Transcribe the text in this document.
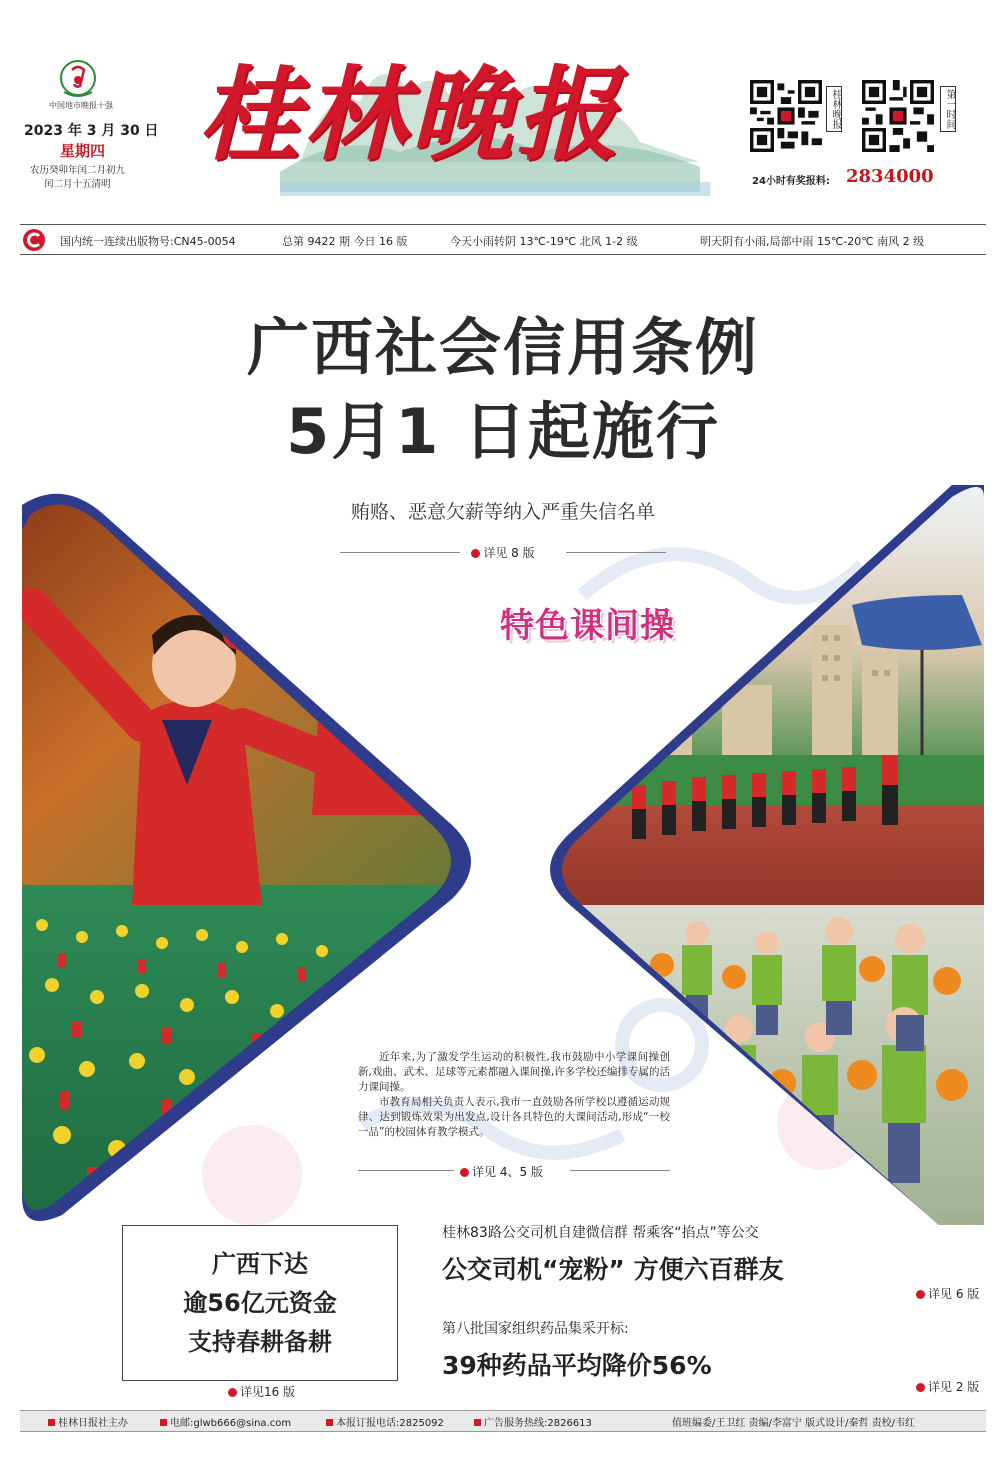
中国地市晚报十强
2023 年 3 月 30 日
星期四
农历癸卯年闰二月初九
闰二月十五清明
桂林晚报	桂林晚报	第一时间
24小时有奖报料: 2834000
国内统一连续出版物号:CN45-0054	总第 9422 期 今日 16 版	今天小雨转阴 13℃-19℃ 北风 1-2 级	明天阴有小雨,局部中雨 15℃-20℃ 南风 2 级
广西社会信用条例
5月1 日起施行
贿赂、恶意欠薪等纳入严重失信名单
详见 8 版
特色课间操

近年来,为了激发学生运动的积极性,我市鼓励中小学课间操创新,戏曲、武术、足球等元素都融入课间操,许多学校还编排专属的活力课间操。

市教育局相关负责人表示,我市一直鼓励各所学校以遵循运动规律、达到锻炼效果为出发点,设计各具特色的大课间活动,形成“一校一品”的校园体育教学模式。

详见 4、5 版
广西下达
逾56亿元资金
支持春耕备耕
详见16 版
桂林83路公交司机自建微信群 帮乘客“掐点”等公交
公交司机“宠粉” 方便六百群友
详见 6 版
第八批国家组织药品集采开标:
39种药品平均降价56%
详见 2 版
桂林日报社主办	电邮:glwb666@sina.com	本报订报电话:2825092	广告服务热线:2826613	值班编委/王卫红 责编/李富宁 版式设计/秦哲 责校/韦红
